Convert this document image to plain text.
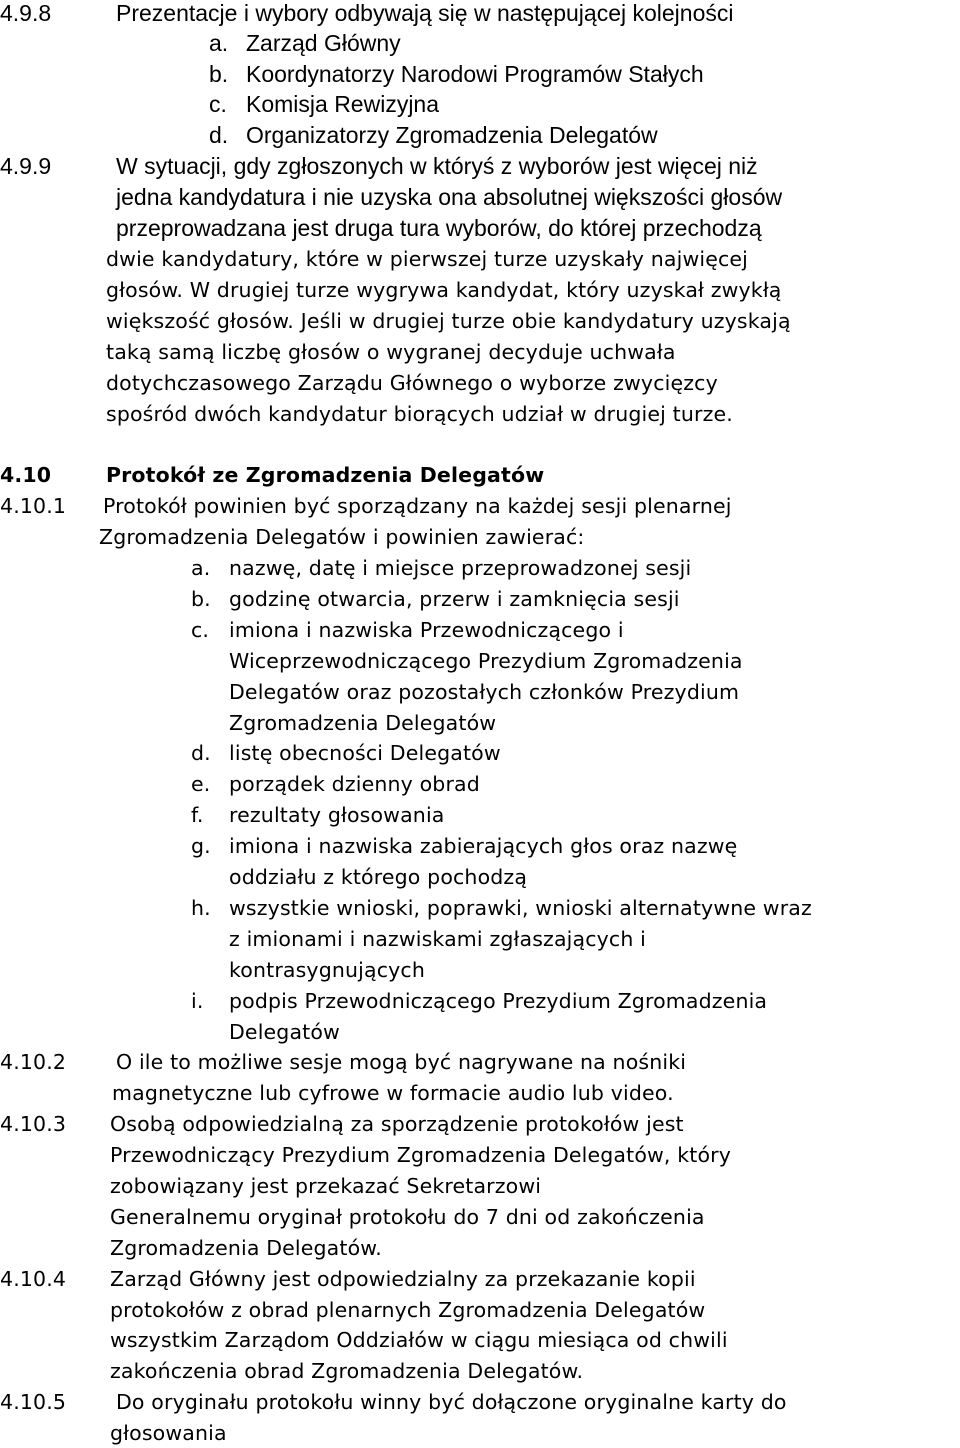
4.9.8	Prezentacje i wybory odbywają się w następującej kolejności
a. Zarząd Główny
b. Koordynatorzy Narodowi Programów Stałych
c. Komisja Rewizyjna
d. Organizatorzy Zgromadzenia Delegatów
4.9.9	W sytuacji, gdy zgłoszonych w któryś z wyborów jest więcej niż
jedna kandydatura i nie uzyska ona absolutnej większości głosów
przeprowadzana jest druga tura wyborów, do której przechodzą
dwie kandydatury, które w pierwszej turze uzyskały najwięcej
głosów. W drugiej turze wygrywa kandydat, który uzyskał zwykłą
większość głosów. Jeśli w drugiej turze obie kandydatury uzyskają
taką samą liczbę głosów o wygranej decyduje uchwała
dotychczasowego Zarządu Głównego o wyborze zwycięzcy
spośród dwóch kandydatur biorących udział w drugiej turze.
4.10	Protokół ze Zgromadzenia Delegatów
4.10.1 Protokół powinien być sporządzany na każdej sesji plenarnej
Zgromadzenia Delegatów i powinien zawierać:
a. nazwę, datę i miejsce przeprowadzonej sesji
b. godzinę otwarcia, przerw i zamknięcia sesji
c. imiona i nazwiska Przewodniczącego i
Wiceprzewodniczącego Prezydium Zgromadzenia
Delegatów oraz pozostałych członków Prezydium
Zgromadzenia Delegatów
d. listę obecności Delegatów
e. porządek dzienny obrad
f. rezultaty głosowania
g. imiona i nazwiska zabierających głos oraz nazwę
oddziału z którego pochodzą
h. wszystkie wnioski, poprawki, wnioski alternatywne wraz
z imionami i nazwiskami zgłaszających i
kontrasygnujących
i. podpis Przewodniczącego Prezydium Zgromadzenia
Delegatów
4.10.2 O ile to możliwe sesje mogą być nagrywane na nośniki
magnetyczne lub cyfrowe w formacie audio lub video.
4.10.3 Osobą odpowiedzialną za sporządzenie protokołów jest
Przewodniczący Prezydium Zgromadzenia Delegatów, który
zobowiązany jest przekazać Sekretarzowi
Generalnemu oryginał protokołu do 7 dni od zakończenia
Zgromadzenia Delegatów.
4.10.4 Zarząd Główny jest odpowiedzialny za przekazanie kopii
protokołów z obrad plenarnych Zgromadzenia Delegatów
wszystkim Zarządom Oddziałów w ciągu miesiąca od chwili
zakończenia obrad Zgromadzenia Delegatów.
4.10.5 Do oryginału protokołu winny być dołączone oryginalne karty do
głosowania
